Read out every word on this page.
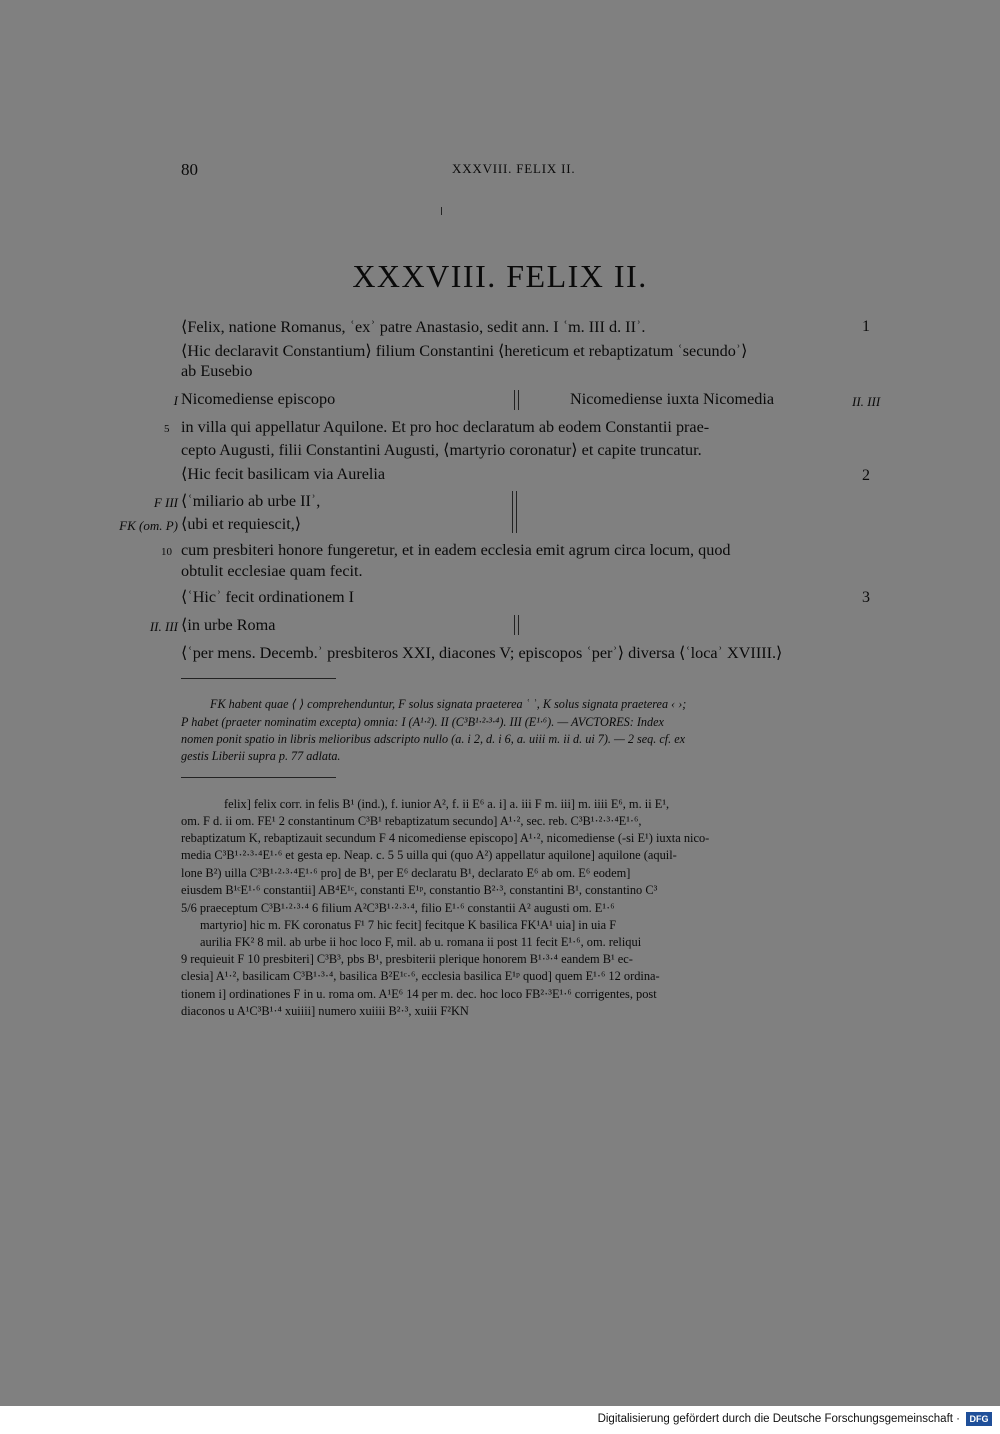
80	XXXVIII. FELIX II.
XXXVIII. FELIX II.
⟨Felix, natione Romanus, ʿexʾ patre Anastasio, sedit ann. I ʿm. III d. IIʾ.	1
⟨Hic declaravit Constantium⟩ filium Constantini ⟨hereticum et rebaptizatum ʿsecundoʾ⟩
ab Eusebio
I Nicomediense episcopo	Nicomediense iuxta Nicomedia	II. III
5 in villa qui appellatur Aquilone. Et pro hoc declaratum ab eodem Constantii prae-
cepto Augusti, filii Constantini Augusti, ⟨martyrio coronatur⟩ et capite truncatur.
⟨Hic fecit basilicam via Aurelia	2
F III ⟨ʿmiliario ab urbe IIʾ,
FK (om. P) ⟨ubi et requiescit,⟩
10 cum presbiteri honore fungeretur, et in eadem ecclesia emit agrum circa locum, quod
obtulit ecclesiae quam fecit.
⟨ʿHicʾ fecit ordinationem I	3
II. III ⟨in urbe Roma
⟨ʿper mens. Decemb.ʾ presbiteros XXI, diacones V; episcopos ʿperʾ⟩ diversa ⟨ʿlocaʾ XVIIII.⟩
FK habent quae ⟨ ⟩ comprehenduntur, F solus signata praeterea ʿ ʾ, K solus signata praeterea ‹ ›;
P habet (praeter nominatim excepta) omnia: I (A¹·²). II (C³B¹·²·³·⁴). III (E¹·⁶). — AVCTORES: Index
nomen ponit spatio in libris melioribus adscripto nullo (a. i 2, d. i 6, a. uiii m. ii d. ui 7). — 2 seq. cf. ex
gestis Liberii supra p. 77 adlata.
felix] felix corr. in felis B¹ (ind.), f. iunior A², f. ii E⁶ a. i] a. iii F m. iii] m. iiii E⁶, m. ii E¹,
om. F d. ii om. FE¹ 2 constantinum C³B¹ rebaptizatum secundo] A¹·², sec. reb. C³B¹·²·³·⁴E¹·⁶,
rebaptizatum K, rebaptizauit secundum F 4 nicomediense episcopo] A¹·², nicomediense (-si E¹) iuxta nico-
media C³B¹·²·³·⁴E¹·⁶ et gesta ep. Neap. c. 5 5 uilla qui (quo A²) appellatur aquilone] aquilone (aquil-
lone B²) uilla C³B¹·²·³·⁴E¹·⁶ pro] de B¹, per E⁶ declaratu B¹, declarato E⁶ ab om. E⁶ eodem]
eiusdem B¹ᶜE¹·⁶ constantii] AB⁴E¹ᶜ, constanti E¹ᵖ, constantio B²·³, constantini B¹, constantino C³
5/6 praeceptum C³B¹·²·³·⁴ 6 filium A²C³B¹·²·³·⁴, filio E¹·⁶ constantii A² augusti om. E¹·⁶
martyrio] hic m. FK coronatus F¹ 7 hic fecit] fecitque K basilica FK¹A¹ uia] in uia F
aurilia FK² 8 mil. ab urbe ii hoc loco F, mil. ab u. romana ii post 11 fecit E¹·⁶, om. reliqui
9 requieuit F 10 presbiteri] C³B³, pbs B¹, presbiterii plerique honorem B¹·³·⁴ eandem B¹ ec-
clesia] A¹·², basilicam C³B¹·³·⁴, basilica B²E¹ᶜ·⁶, ecclesia basilica E¹ᵖ quod] quem E¹·⁶ 12 ordina-
tionem i] ordinationes F in u. roma om. A¹E⁶ 14 per m. dec. hoc loco FB²·³E¹·⁶ corrigentes, post
diaconos u A¹C³B¹·⁴ xuiiii] numero xuiiii B²·³, xuiii F²KN
Digitalisierung gefördert durch die Deutsche Forschungsgemeinschaft ·	DFG
